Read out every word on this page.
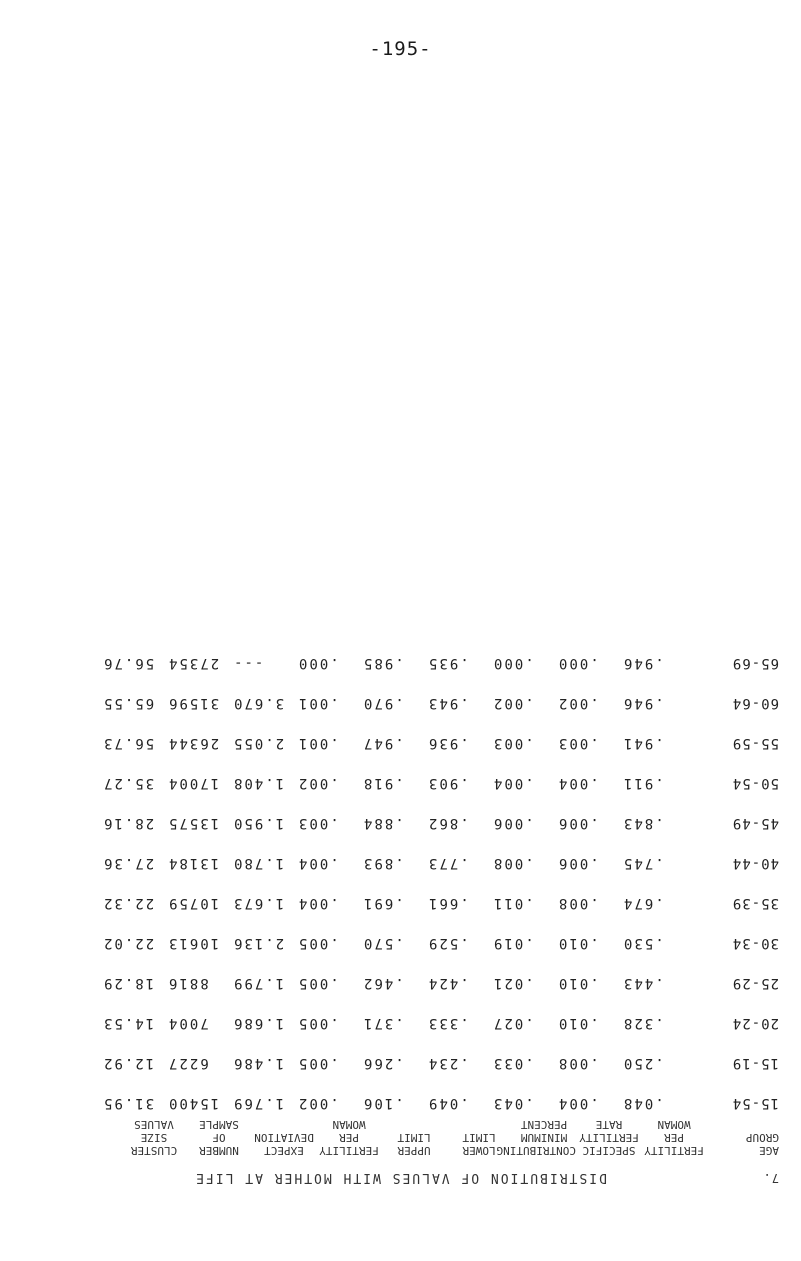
-195-
7.
DISTRIBUTION OF VALUES WITH MOTHER AT LIFE
AGE
GROUP
FERTILITY
PER
WOMAN
SPECIFIC
FERTILITY
RATE
CONTRIBUTING
MINIMUM
PERCENT
LOWER
LIMIT
UPPER
LIMIT
FERTILITY
PER
WOMAN
EXPECT
DEVIATION
NUMBER
OF
SAMPLE
CLUSTER
SIZE
VALUES
15-54
.048
.004
.043
.049
.106
.002
1.769
15400
31.95
15-19
.250
.008
.033
.234
.266
.005
1.486
6227
12.92
20-24
.328
.010
.027
.333
.371
.005
1.686
7004
14.53
25-29
.443
.010
.021
.424
.462
.005
1.799
8816
18.29
30-34
.530
.010
.019
.529
.570
.005
2.136
10613
22.02
35-39
.674
.008
.011
.661
.691
.004
1.673
10759
22.32
40-44
.745
.006
.008
.773
.893
.004
1.780
13184
27.36
45-49
.843
.006
.006
.862
.884
.003
1.950
13575
28.16
50-54
.911
.004
.004
.903
.918
.002
1.408
17004
35.27
55-59
.941
.003
.003
.936
.947
.001
2.055
26344
56.73
60-64
.946
.002
.002
.943
.970
.001
3.670
31596
65.55
65-69
.946
.000
.000
.935
.985
.000
---
27354
56.76
